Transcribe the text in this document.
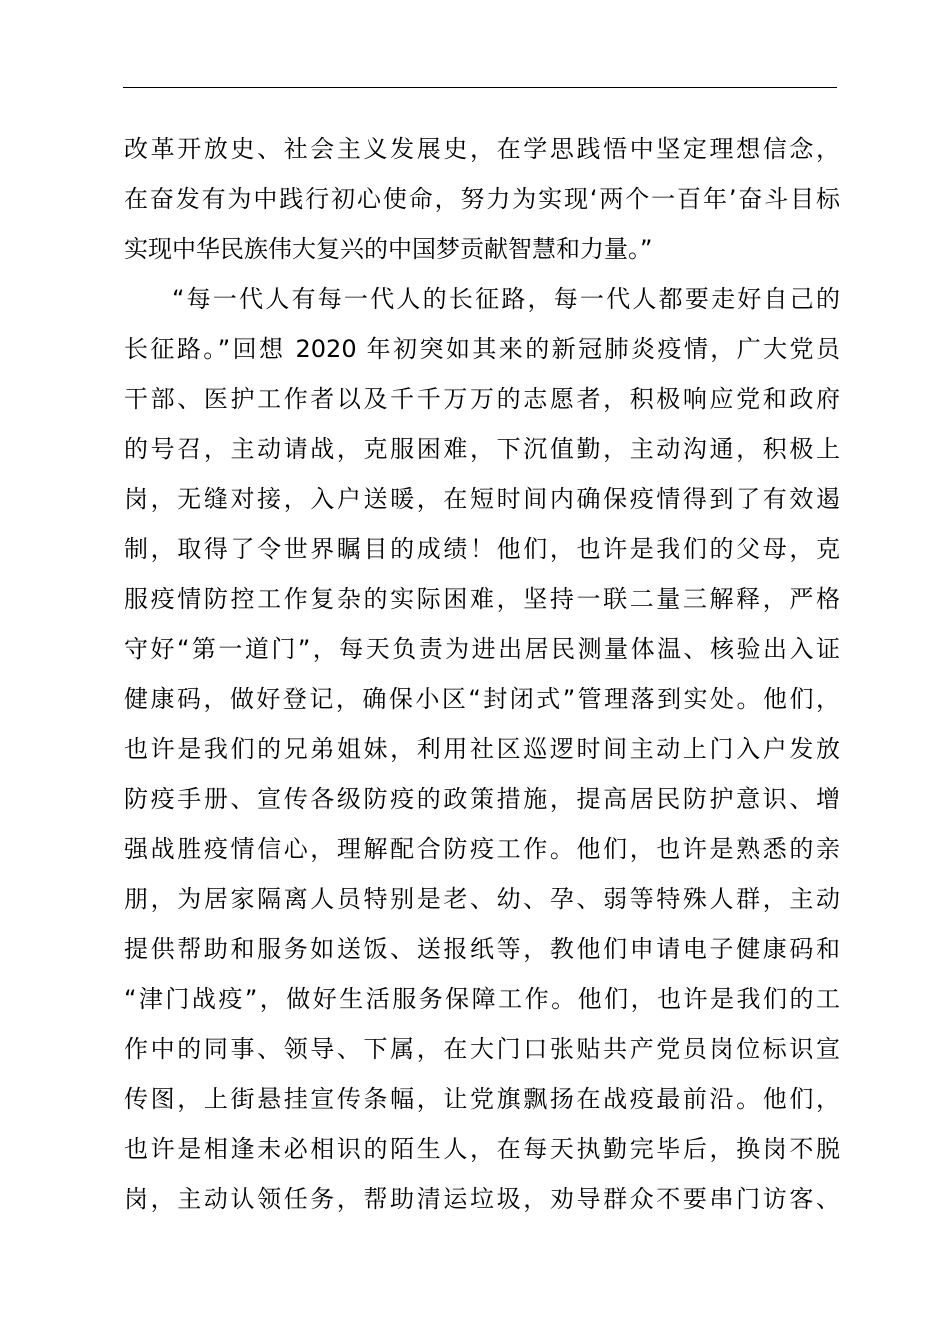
改革开放史、社会主义发展史，在学思践悟中坚定理想信念，
在奋发有为中践行初心使命，努力为实现‘两个一百年’奋斗目标
实现中华民族伟大复兴的中国梦贡献智慧和力量。”
“每一代人有每一代人的长征路，每一代人都要走好自己的
长征路。”回想 2020 年初突如其来的新冠肺炎疫情，广大党员
干部、医护工作者以及千千万万的志愿者，积极响应党和政府
的号召，主动请战，克服困难，下沉值勤，主动沟通，积极上
岗，无缝对接，入户送暖，在短时间内确保疫情得到了有效遏
制，取得了令世界瞩目的成绩！他们，也许是我们的父母，克
服疫情防控工作复杂的实际困难，坚持一联二量三解释，严格
守好“第一道门”，每天负责为进出居民测量体温、核验出入证
健康码，做好登记，确保小区“封闭式”管理落到实处。他们，
也许是我们的兄弟姐妹，利用社区巡逻时间主动上门入户发放
防疫手册、宣传各级防疫的政策措施，提高居民防护意识、增
强战胜疫情信心，理解配合防疫工作。他们，也许是熟悉的亲
朋，为居家隔离人员特别是老、幼、孕、弱等特殊人群，主动
提供帮助和服务如送饭、送报纸等，教他们申请电子健康码和
“津门战疫”，做好生活服务保障工作。他们，也许是我们的工
作中的同事、领导、下属，在大门口张贴共产党员岗位标识宣
传图，上街悬挂宣传条幅，让党旗飘扬在战疫最前沿。他们，
也许是相逢未必相识的陌生人，在每天执勤完毕后，换岗不脱
岗，主动认领任务，帮助清运垃圾，劝导群众不要串门访客、
